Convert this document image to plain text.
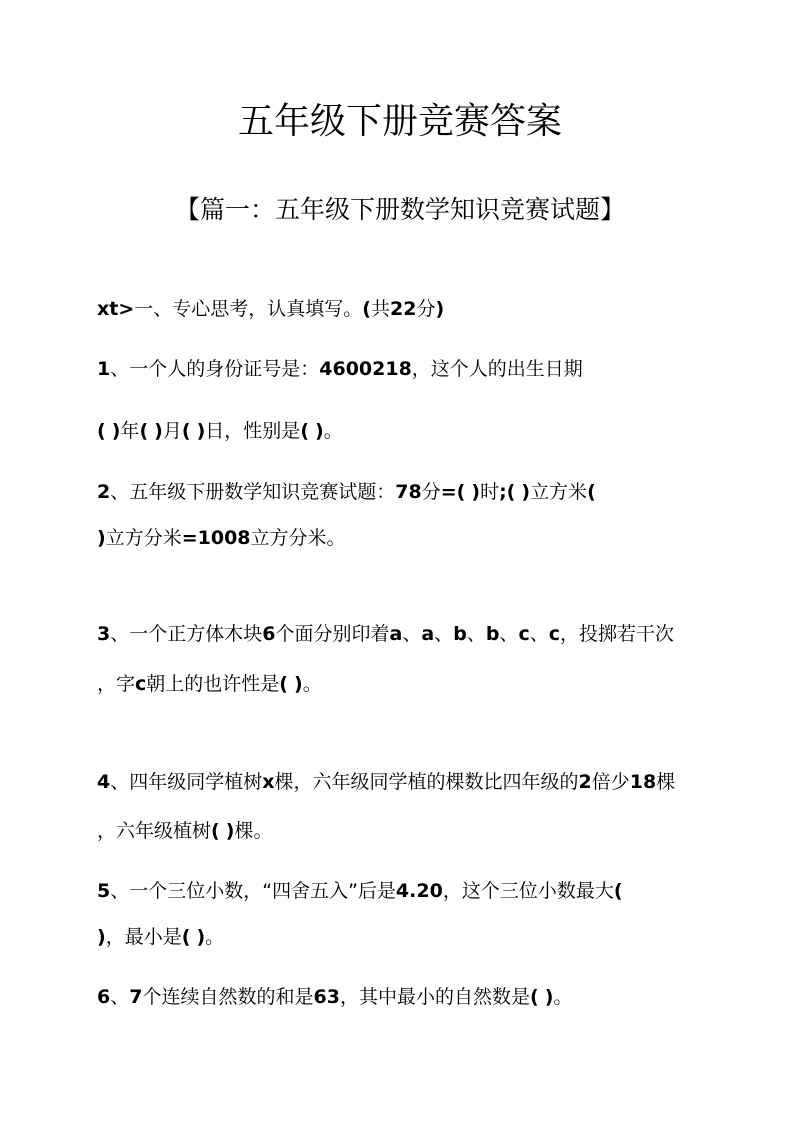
五年级下册竞赛答案
【篇一：五年级下册数学知识竞赛试题】
xt>一、专心思考，认真填写。(共22分)
1、一个人的身份证号是：4600218，这个人的出生日期
( )年( )月( )日，性别是( )。
2、五年级下册数学知识竞赛试题：78分=( )时;( )立方米(
)立方分米=1008立方分米。
3、一个正方体木块6个面分别印着a、a、b、b、c、c，投掷若干次
，字c朝上的也许性是( )。
4、四年级同学植树x棵，六年级同学植的棵数比四年级的2倍少18棵
，六年级植树( )棵。
5、一个三位小数，“四舍五入”后是4.20，这个三位小数最大(
)，最小是( )。
6、7个连续自然数的和是63，其中最小的自然数是( )。
